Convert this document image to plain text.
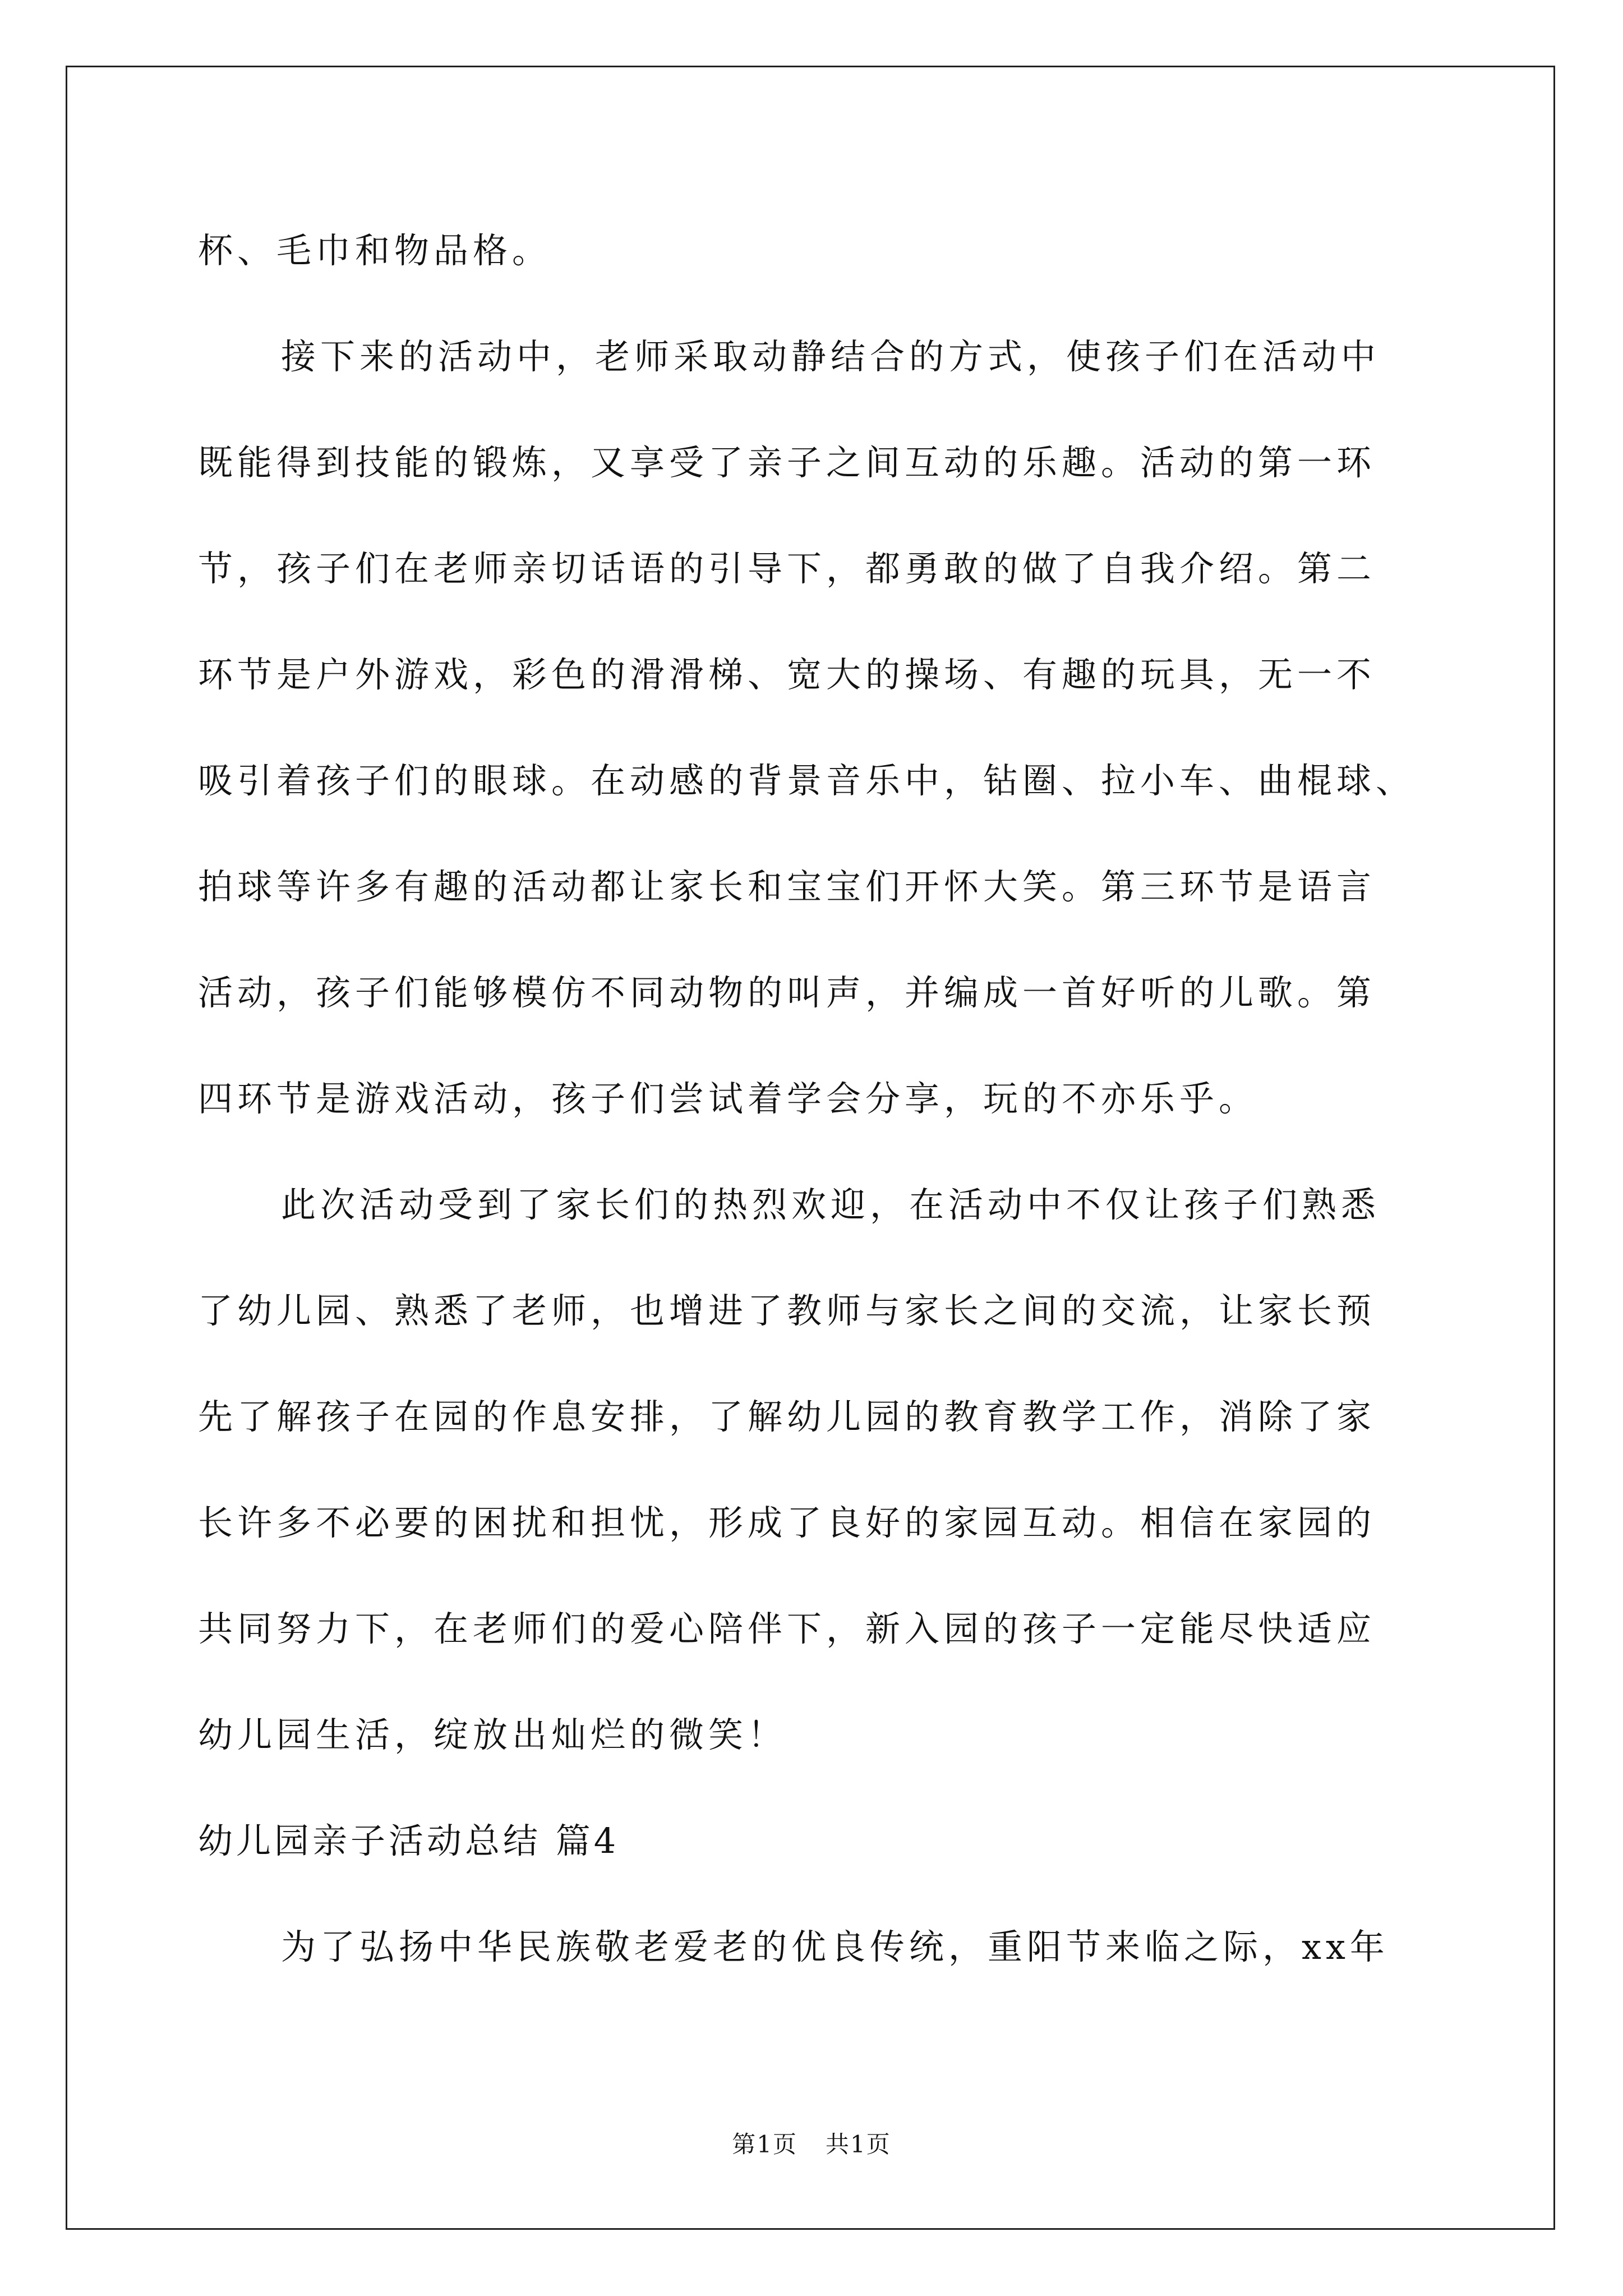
杯、毛巾和物品格。
接下来的活动中，老师采取动静结合的方式，使孩子们在活动中
既能得到技能的锻炼，又享受了亲子之间互动的乐趣。活动的第一环
节，孩子们在老师亲切话语的引导下，都勇敢的做了自我介绍。第二
环节是户外游戏，彩色的滑滑梯、宽大的操场、有趣的玩具，无一不
吸引着孩子们的眼球。在动感的背景音乐中，钻圈、拉小车、曲棍球、
拍球等许多有趣的活动都让家长和宝宝们开怀大笑。第三环节是语言
活动，孩子们能够模仿不同动物的叫声，并编成一首好听的儿歌。第
四环节是游戏活动，孩子们尝试着学会分享，玩的不亦乐乎。
此次活动受到了家长们的热烈欢迎，在活动中不仅让孩子们熟悉
了幼儿园、熟悉了老师，也增进了教师与家长之间的交流，让家长预
先了解孩子在园的作息安排，了解幼儿园的教育教学工作，消除了家
长许多不必要的困扰和担忧，形成了良好的家园互动。相信在家园的
共同努力下，在老师们的爱心陪伴下，新入园的孩子一定能尽快适应
幼儿园生活，绽放出灿烂的微笑！
幼儿园亲子活动总结 篇4
为了弘扬中华民族敬老爱老的优良传统，重阳节来临之际，xx年
第1页 共1页
